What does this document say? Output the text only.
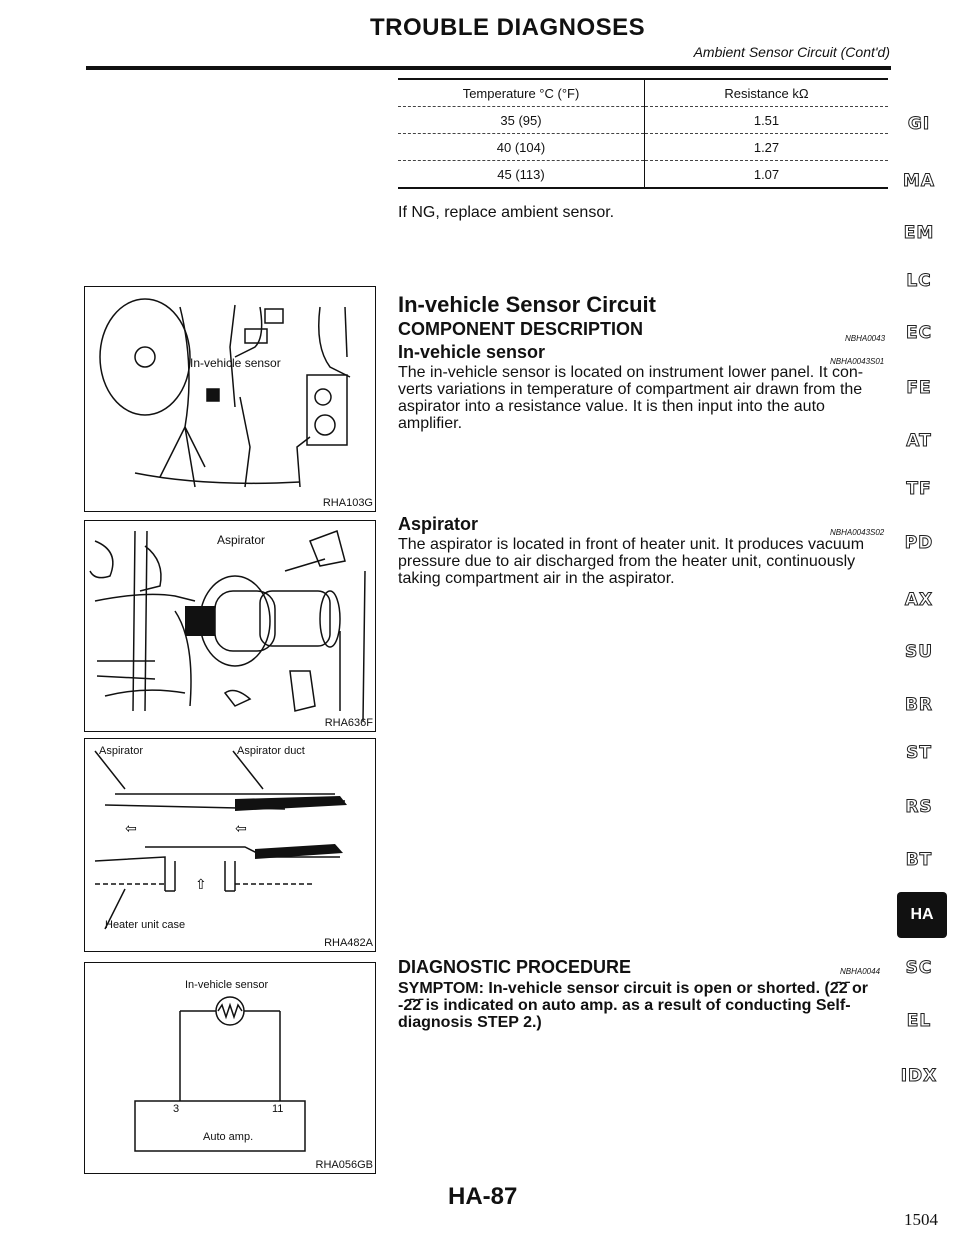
TROUBLE DIAGNOSES
Ambient Sensor Circuit (Cont'd)
Temperature °C (°F)	Resistance kΩ
35 (95)	1.51
40 (104)	1.27
45 (113)	1.07
If NG, replace ambient sensor.
In-vehicle Sensor Circuit
COMPONENT DESCRIPTION	NBHA0043
In-vehicle sensor	NBHA0043S01
The in-vehicle sensor is located on instrument lower panel. It con-
verts variations in temperature of compartment air drawn from the
aspirator into a resistance value. It is then input into the auto
amplifier.
Aspirator	NBHA0043S02
The aspirator is located in front of heater unit. It produces vacuum
pressure due to air discharged from the heater unit, continuously
taking compartment air in the aspirator.
DIAGNOSTIC PROCEDURE	NBHA0044
SYMPTOM: In-vehicle sensor circuit is open or shorted. (2̄2̄ or
-2̄2̄ is indicated on auto amp. as a result of conducting Self-
diagnosis STEP 2.)
In-vehicle sensor
RHA103G
Aspirator
RHA636F
⇦	⇦
⇧
Aspirator	Aspirator duct
Heater unit case
RHA482A
In-vehicle sensor
3	11
Auto amp.
RHA056GB
GI
MA
EM
LC
EC
FE
AT
TF
PD
AX
SU
BR
ST
RS
BT
HA
SC
EL
IDX
HA-87
1504
